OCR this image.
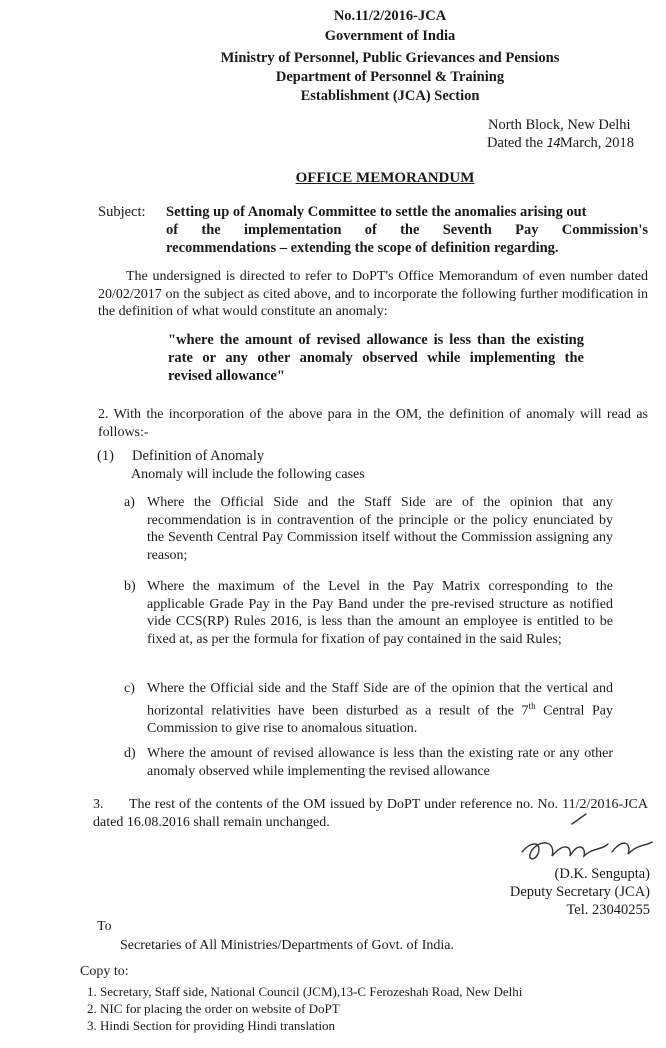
No.11/2/2016-JCA
Government of India
Ministry of Personnel, Public Grievances and Pensions
Department of Personnel & Training
Establishment (JCA) Section
North Block, New Delhi
Dated the 14March, 2018
OFFICE MEMORANDUM
Subject: Setting up of Anomaly Committee to settle the anomalies arising out
of the implementation of the Seventh Pay Commission's
recommendations – extending the scope of definition regarding.
The undersigned is directed to refer to DoPT's Office Memorandum of even number dated 20/02/2017 on the subject as cited above, and to incorporate the following further modification in the definition of what would constitute an anomaly:
"where the amount of revised allowance is less than the existing rate or any other anomaly observed while implementing the revised allowance"
2. With the incorporation of the above para in the OM, the definition of anomaly will read as follows:-
(1) Definition of Anomaly
Anomaly will include the following cases
a) Where the Official Side and the Staff Side are of the opinion that any recommendation is in contravention of the principle or the policy enunciated by the Seventh Central Pay Commission itself without the Commission assigning any reason;
b) Where the maximum of the Level in the Pay Matrix corresponding to the applicable Grade Pay in the Pay Band under the pre-revised structure as notified vide CCS(RP) Rules 2016, is less than the amount an employee is entitled to be fixed at, as per the formula for fixation of pay contained in the said Rules;
c) Where the Official side and the Staff Side are of the opinion that the vertical and horizontal relativities have been disturbed as a result of the 7th Central Pay Commission to give rise to anomalous situation.
d) Where the amount of revised allowance is less than the existing rate or any other anomaly observed while implementing the revised allowance
3.	The rest of the contents of the OM issued by DoPT under reference no. No. 11/2/2016-JCA dated 16.08.2016 shall remain unchanged.
(D.K. Sengupta)
Deputy Secretary (JCA)
Tel. 23040255
To
Secretaries of All Ministries/Departments of Govt. of India.
Copy to:
1. Secretary, Staff side, National Council (JCM),13-C Ferozeshah Road, New Delhi
2. NIC for placing the order on website of DoPT
3. Hindi Section for providing Hindi translation
